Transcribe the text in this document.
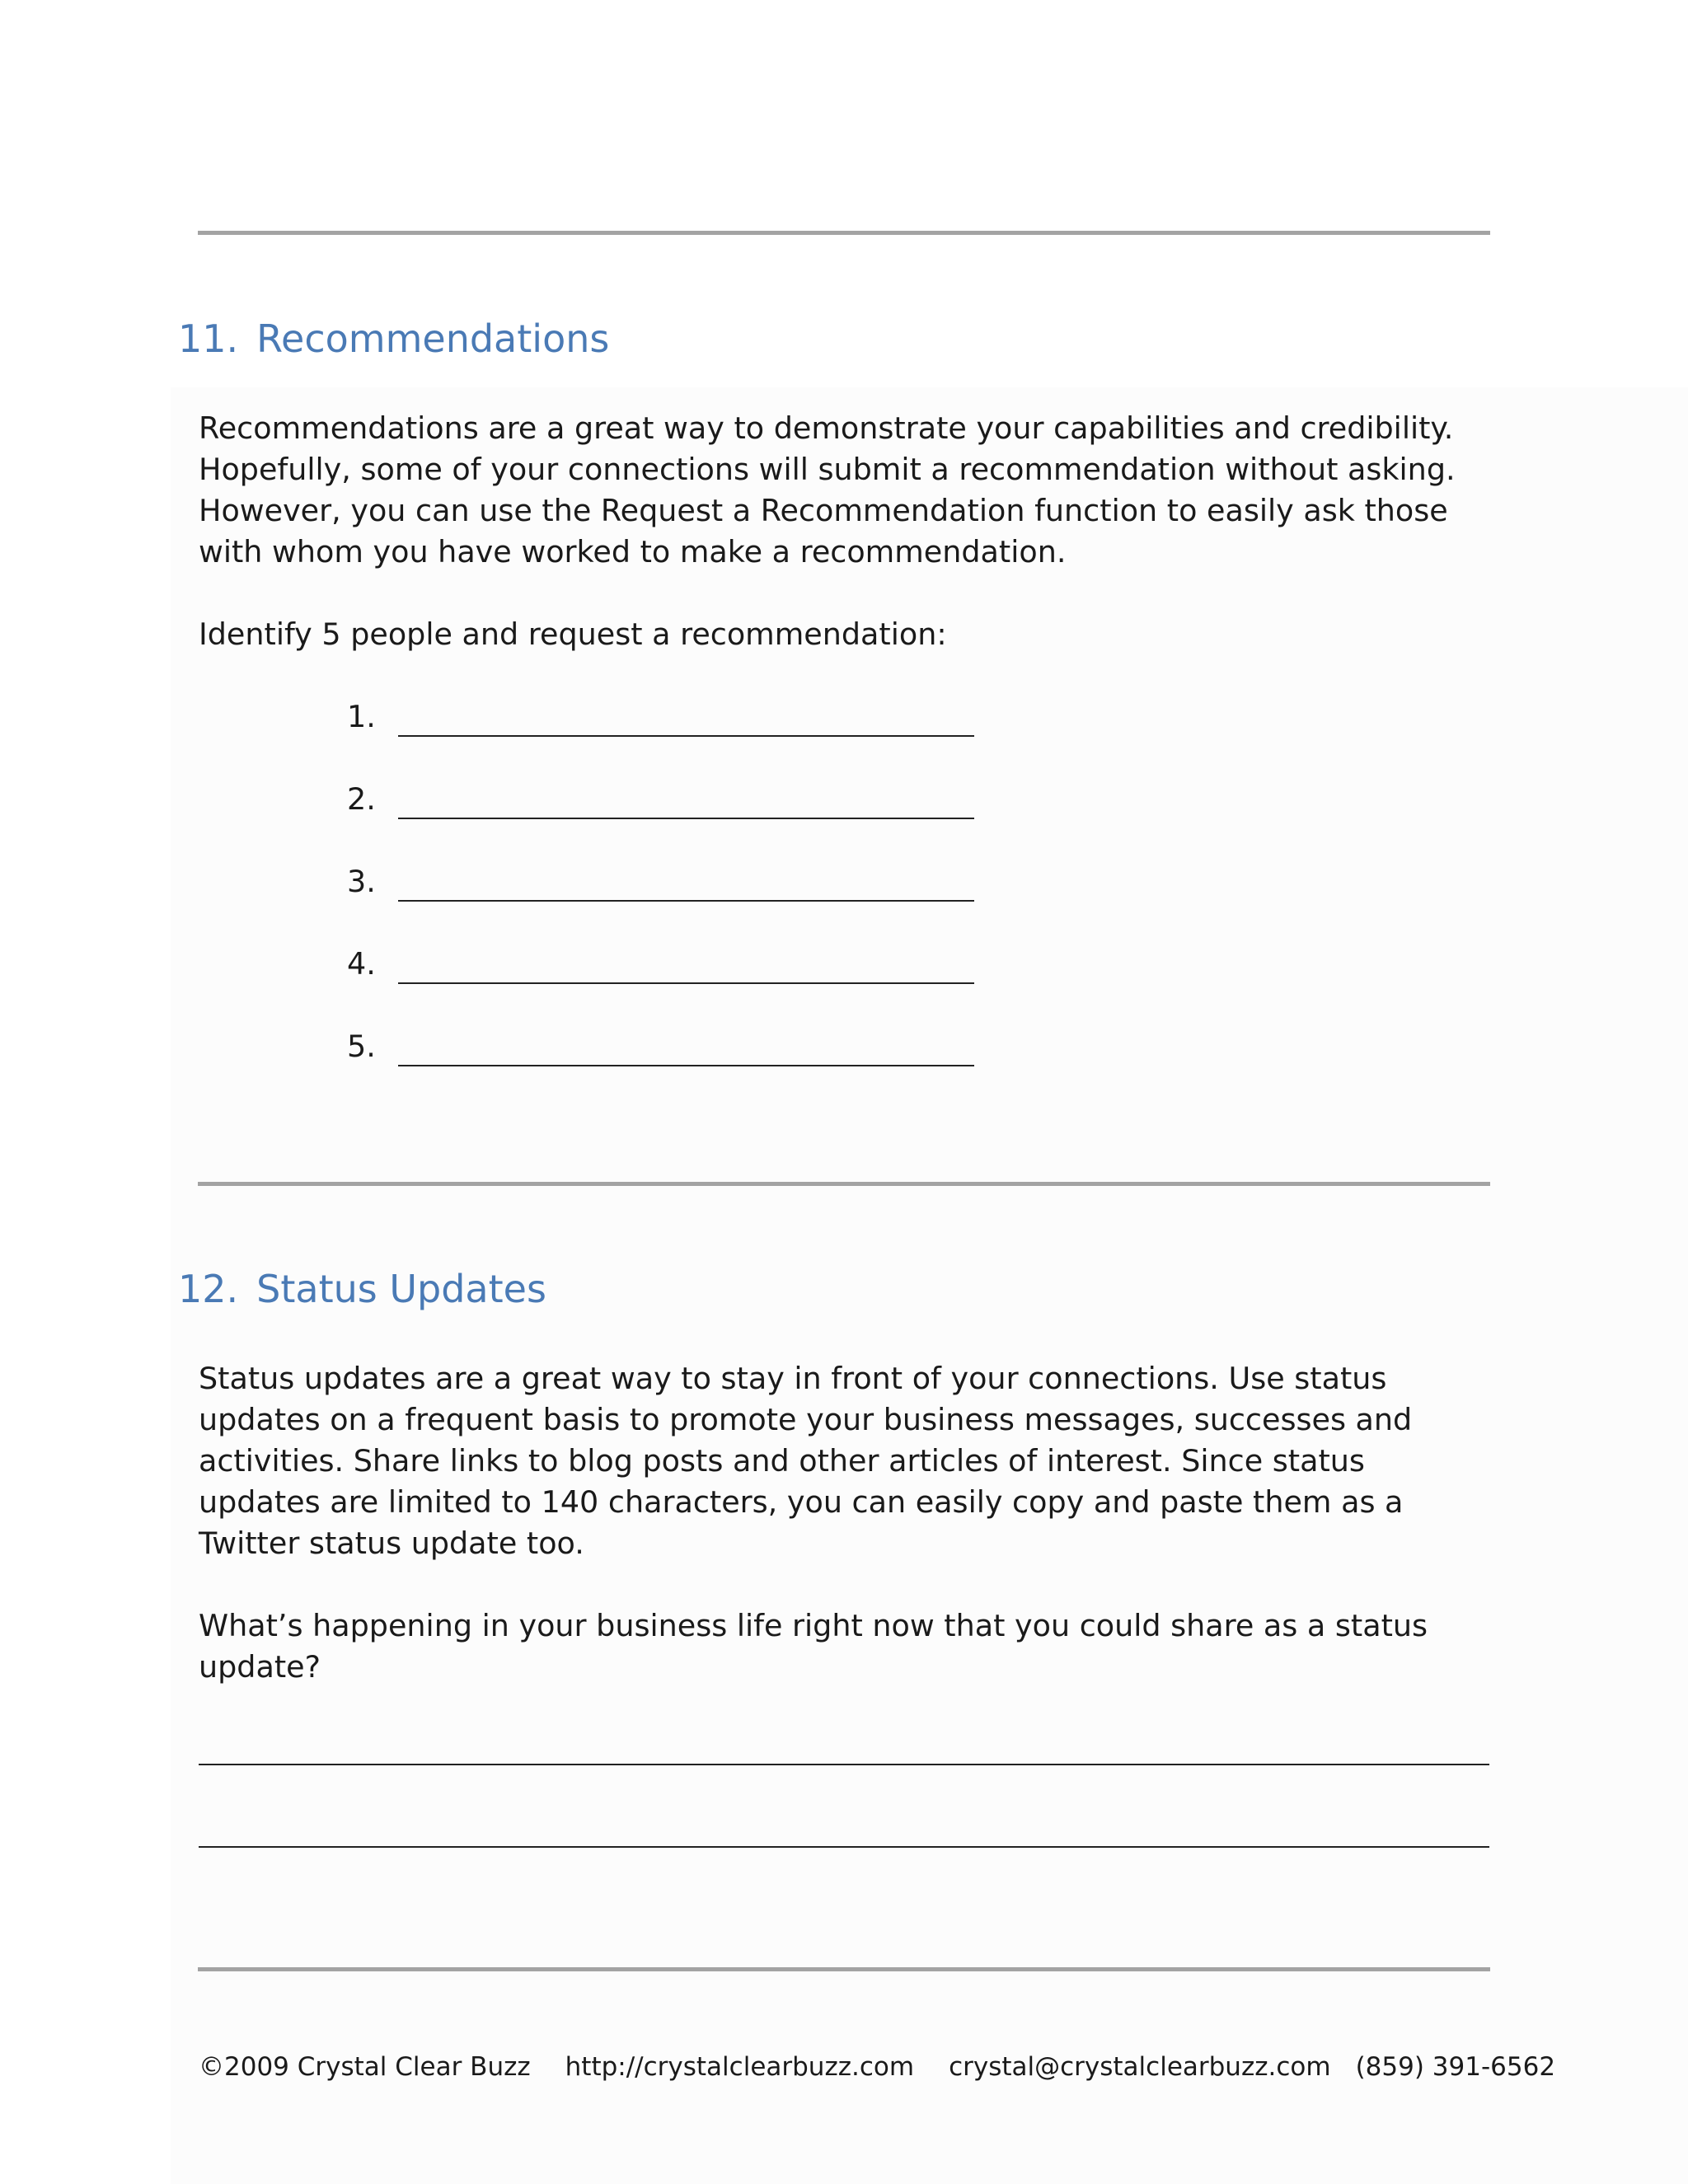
11. Recommendations

Recommendations are a great way to demonstrate your capabilities and credibility.
Hopefully, some of your connections will submit a recommendation without asking.
However, you can use the Request a Recommendation function to easily ask those
with whom you have worked to make a recommendation.

Identify 5 people and request a recommendation:

1.
2.
3.
4.
5.
12. Status Updates

Status updates are a great way to stay in front of your connections. Use status
updates on a frequent basis to promote your business messages, successes and
activities. Share links to blog posts and other articles of interest. Since status
updates are limited to 140 characters, you can easily copy and paste them as a
Twitter status update too.

What’s happening in your business life right now that you could share as a status
update?

©2009 Crystal Clear Buzz http://crystalclearbuzz.com crystal@crystalclearbuzz.com (859) 391-6562
